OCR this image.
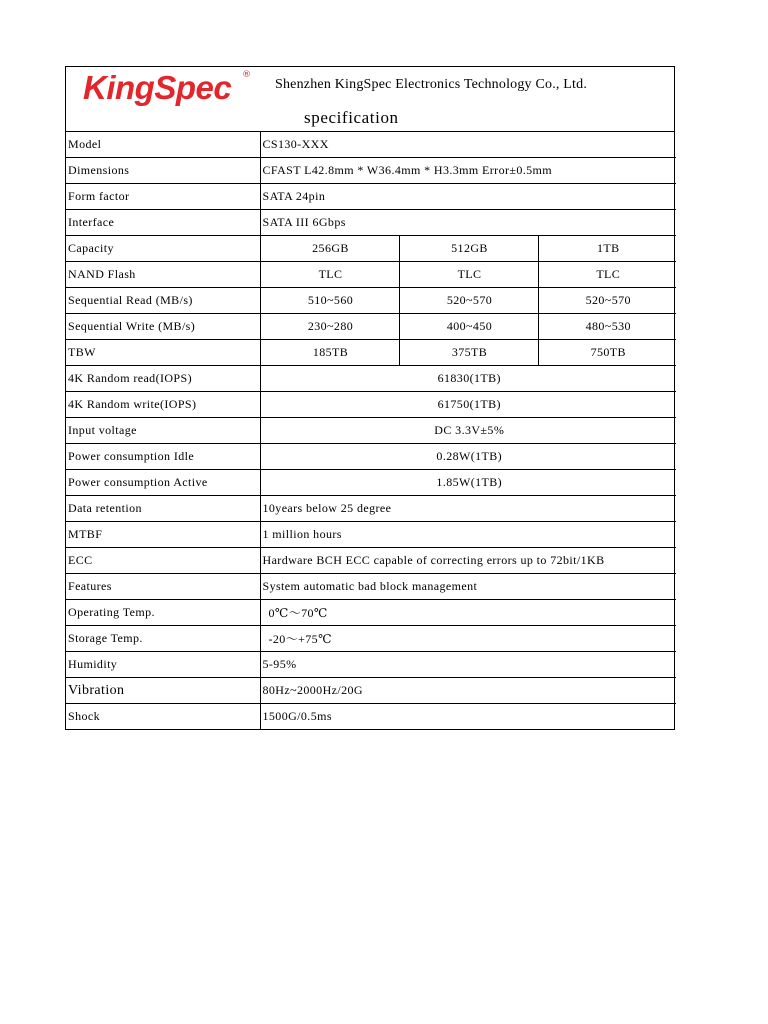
KingSpec ®
Shenzhen KingSpec Electronics Technology Co., Ltd.
specification
Model	CS130-XXX		
Dimensions	CFAST L42.8mm * W36.4mm * H3.3mm Error±0.5mm		
Form factor	SATA 24pin		
Interface	SATA III 6Gbps		
Capacity	256GB	512GB	1TB
NAND Flash	TLC	TLC	TLC
Sequential Read (MB/s)	510~560	520~570	520~570
Sequential Write (MB/s)	230~280	400~450	480~530
TBW	185TB	375TB	750TB
4K Random read(IOPS)	61830(1TB)		
4K Random write(IOPS)	61750(1TB)		
Input voltage	DC 3.3V±5%		
Power consumption Idle	0.28W(1TB)		
Power consumption Active	1.85W(1TB)		
Data retention	10years below 25 degree		
MTBF	1 million hours		
ECC	Hardware BCH ECC capable of correcting errors up to 72bit/1KB		
Features	System automatic bad block management		
Operating Temp.	0℃～70℃		
Storage Temp.	-20～+75℃		
Humidity	5-95%		
Vibration	80Hz~2000Hz/20G		
Shock	1500G/0.5ms		
